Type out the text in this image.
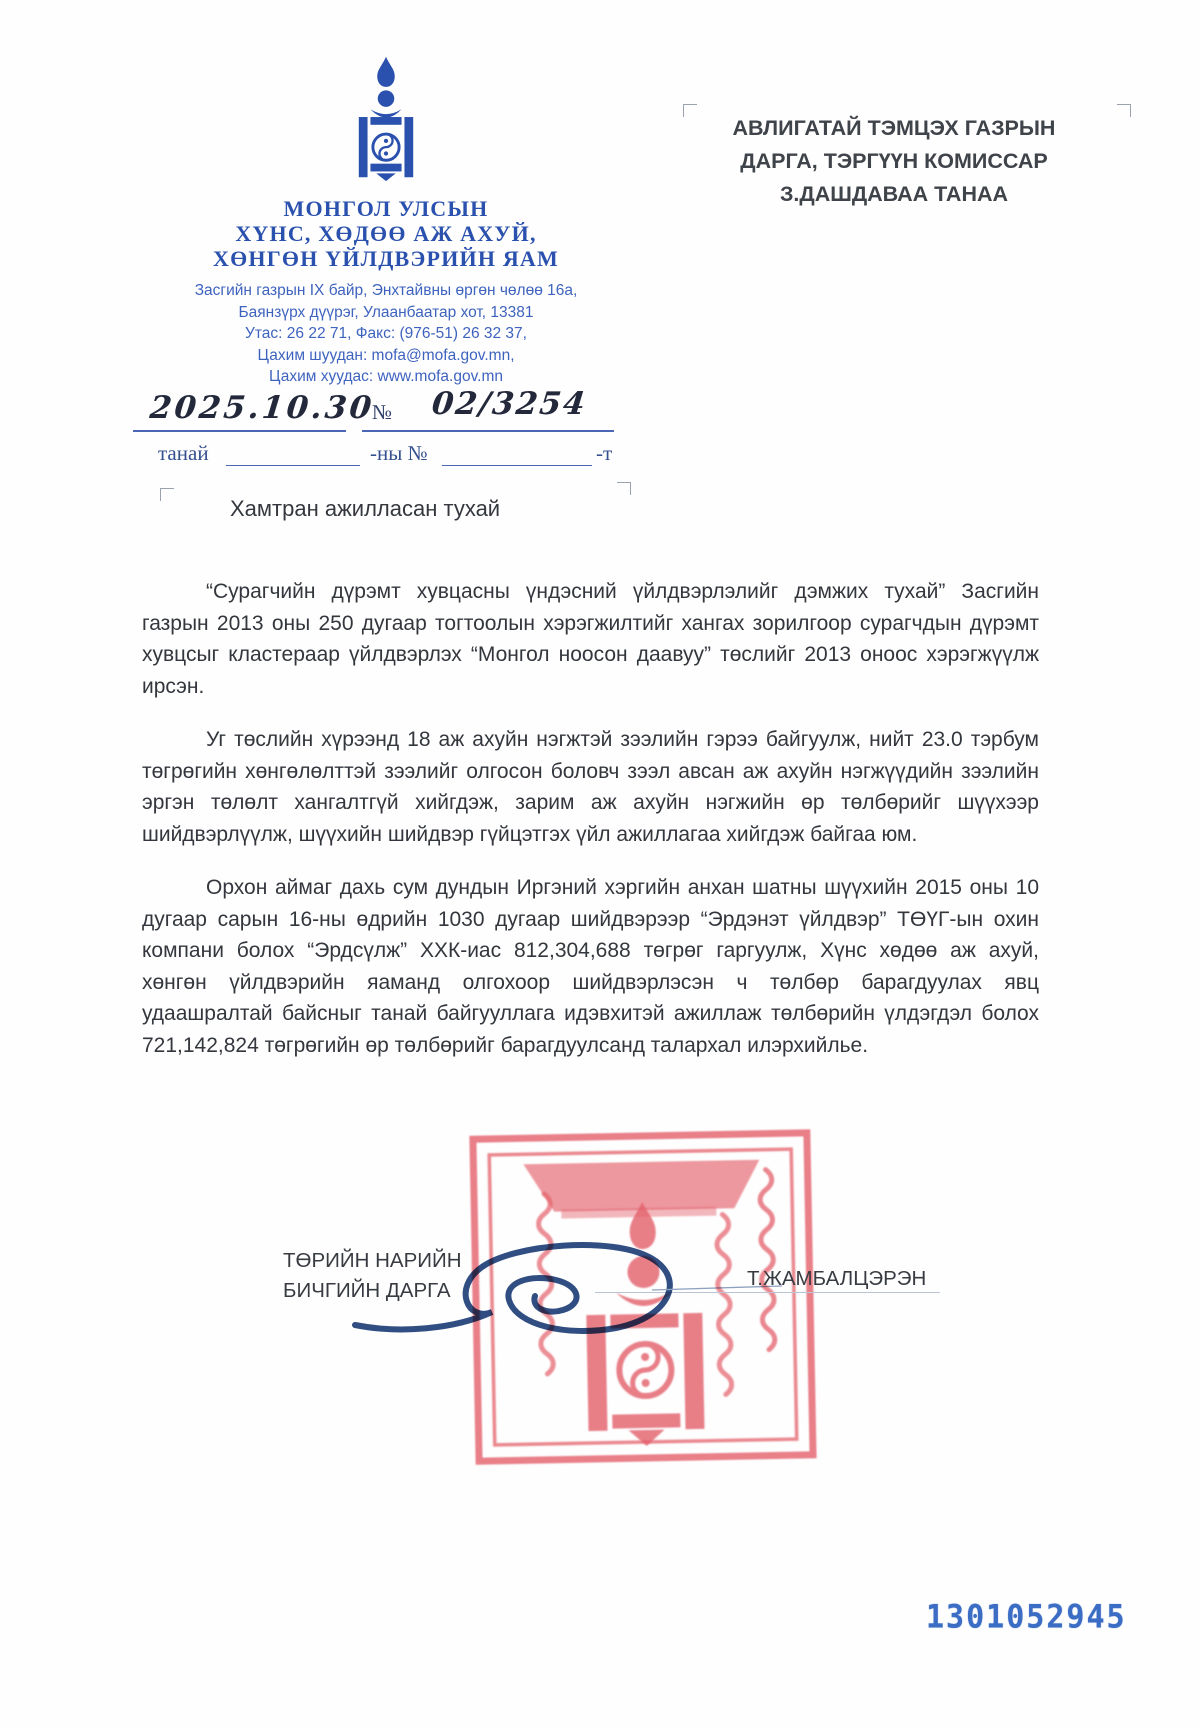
МОНГОЛ УЛСЫН
ХҮНС, ХӨДӨӨ АЖ АХУЙ,
ХӨНГӨН ҮЙЛДВЭРИЙН ЯАМ
Засгийн газрын IX байр, Энхтайвны өргөн чөлөө 16а,
Баянзүрх дүүрэг, Улаанбаатар хот, 13381
Утас: 26 22 71, Факс: (976-51) 26 32 37,
Цахим шуудан: mofa@mofa.gov.mn,
Цахим хуудас: www.mofa.gov.mn
АВЛИГАТАЙ ТЭМЦЭХ ГАЗРЫН
ДАРГА, ТЭРГҮҮН КОМИССАР
З.ДАШДАВАА ТАНАА
2025.10.30
№ 02/3254
танай	-ны №	-т
Хамтран ажилласан тухай

“Сурагчийн дүрэмт хувцасны үндэсний үйлдвэрлэлийг дэмжих тухай” Засгийн газрын 2013 оны 250 дугаар тогтоолын хэрэгжилтийг хангах зорилгоор сурагчдын дүрэмт хувцсыг кластераар үйлдвэрлэх “Монгол ноосон даавуу” төслийг 2013 оноос хэрэгжүүлж ирсэн.

Уг төслийн хүрээнд 18 аж ахуйн нэгжтэй зээлийн гэрээ байгуулж, нийт 23.0 тэрбум төгрөгийн хөнгөлөлттэй зээлийг олгосон боловч зээл авсан аж ахуйн нэгжүүдийн зээлийн эргэн төлөлт хангалтгүй хийгдэж, зарим аж ахуйн нэгжийн өр төлбөрийг шүүхээр шийдвэрлүүлж, шүүхийн шийдвэр гүйцэтгэх үйл ажиллагаа хийгдэж байгаа юм.

Орхон аймаг дахь сум дундын Иргэний хэргийн анхан шатны шүүхийн 2015 оны 10 дугаар сарын 16-ны өдрийн 1030 дугаар шийдвэрээр “Эрдэнэт үйлдвэр” ТӨҮГ-ын охин компани болох “Эрдсүлж” ХХК-иас 812,304,688 төгрөг гаргуулж, Хүнс хөдөө аж ахуй, хөнгөн үйлдвэрийн яаманд олгохоор шийдвэрлэсэн ч төлбөр барагдуулах явц удаашралтай байсныг танай байгууллага идэвхитэй ажиллаж төлбөрийн үлдэгдэл болох 721,142,824 төгрөгийн өр төлбөрийг барагдуулсанд талархал илэрхийлье.

ТӨРИЙН НАРИЙН
БИЧГИЙН ДАРГА
Т.ЖАМБАЛЦЭРЭН
1301052945
